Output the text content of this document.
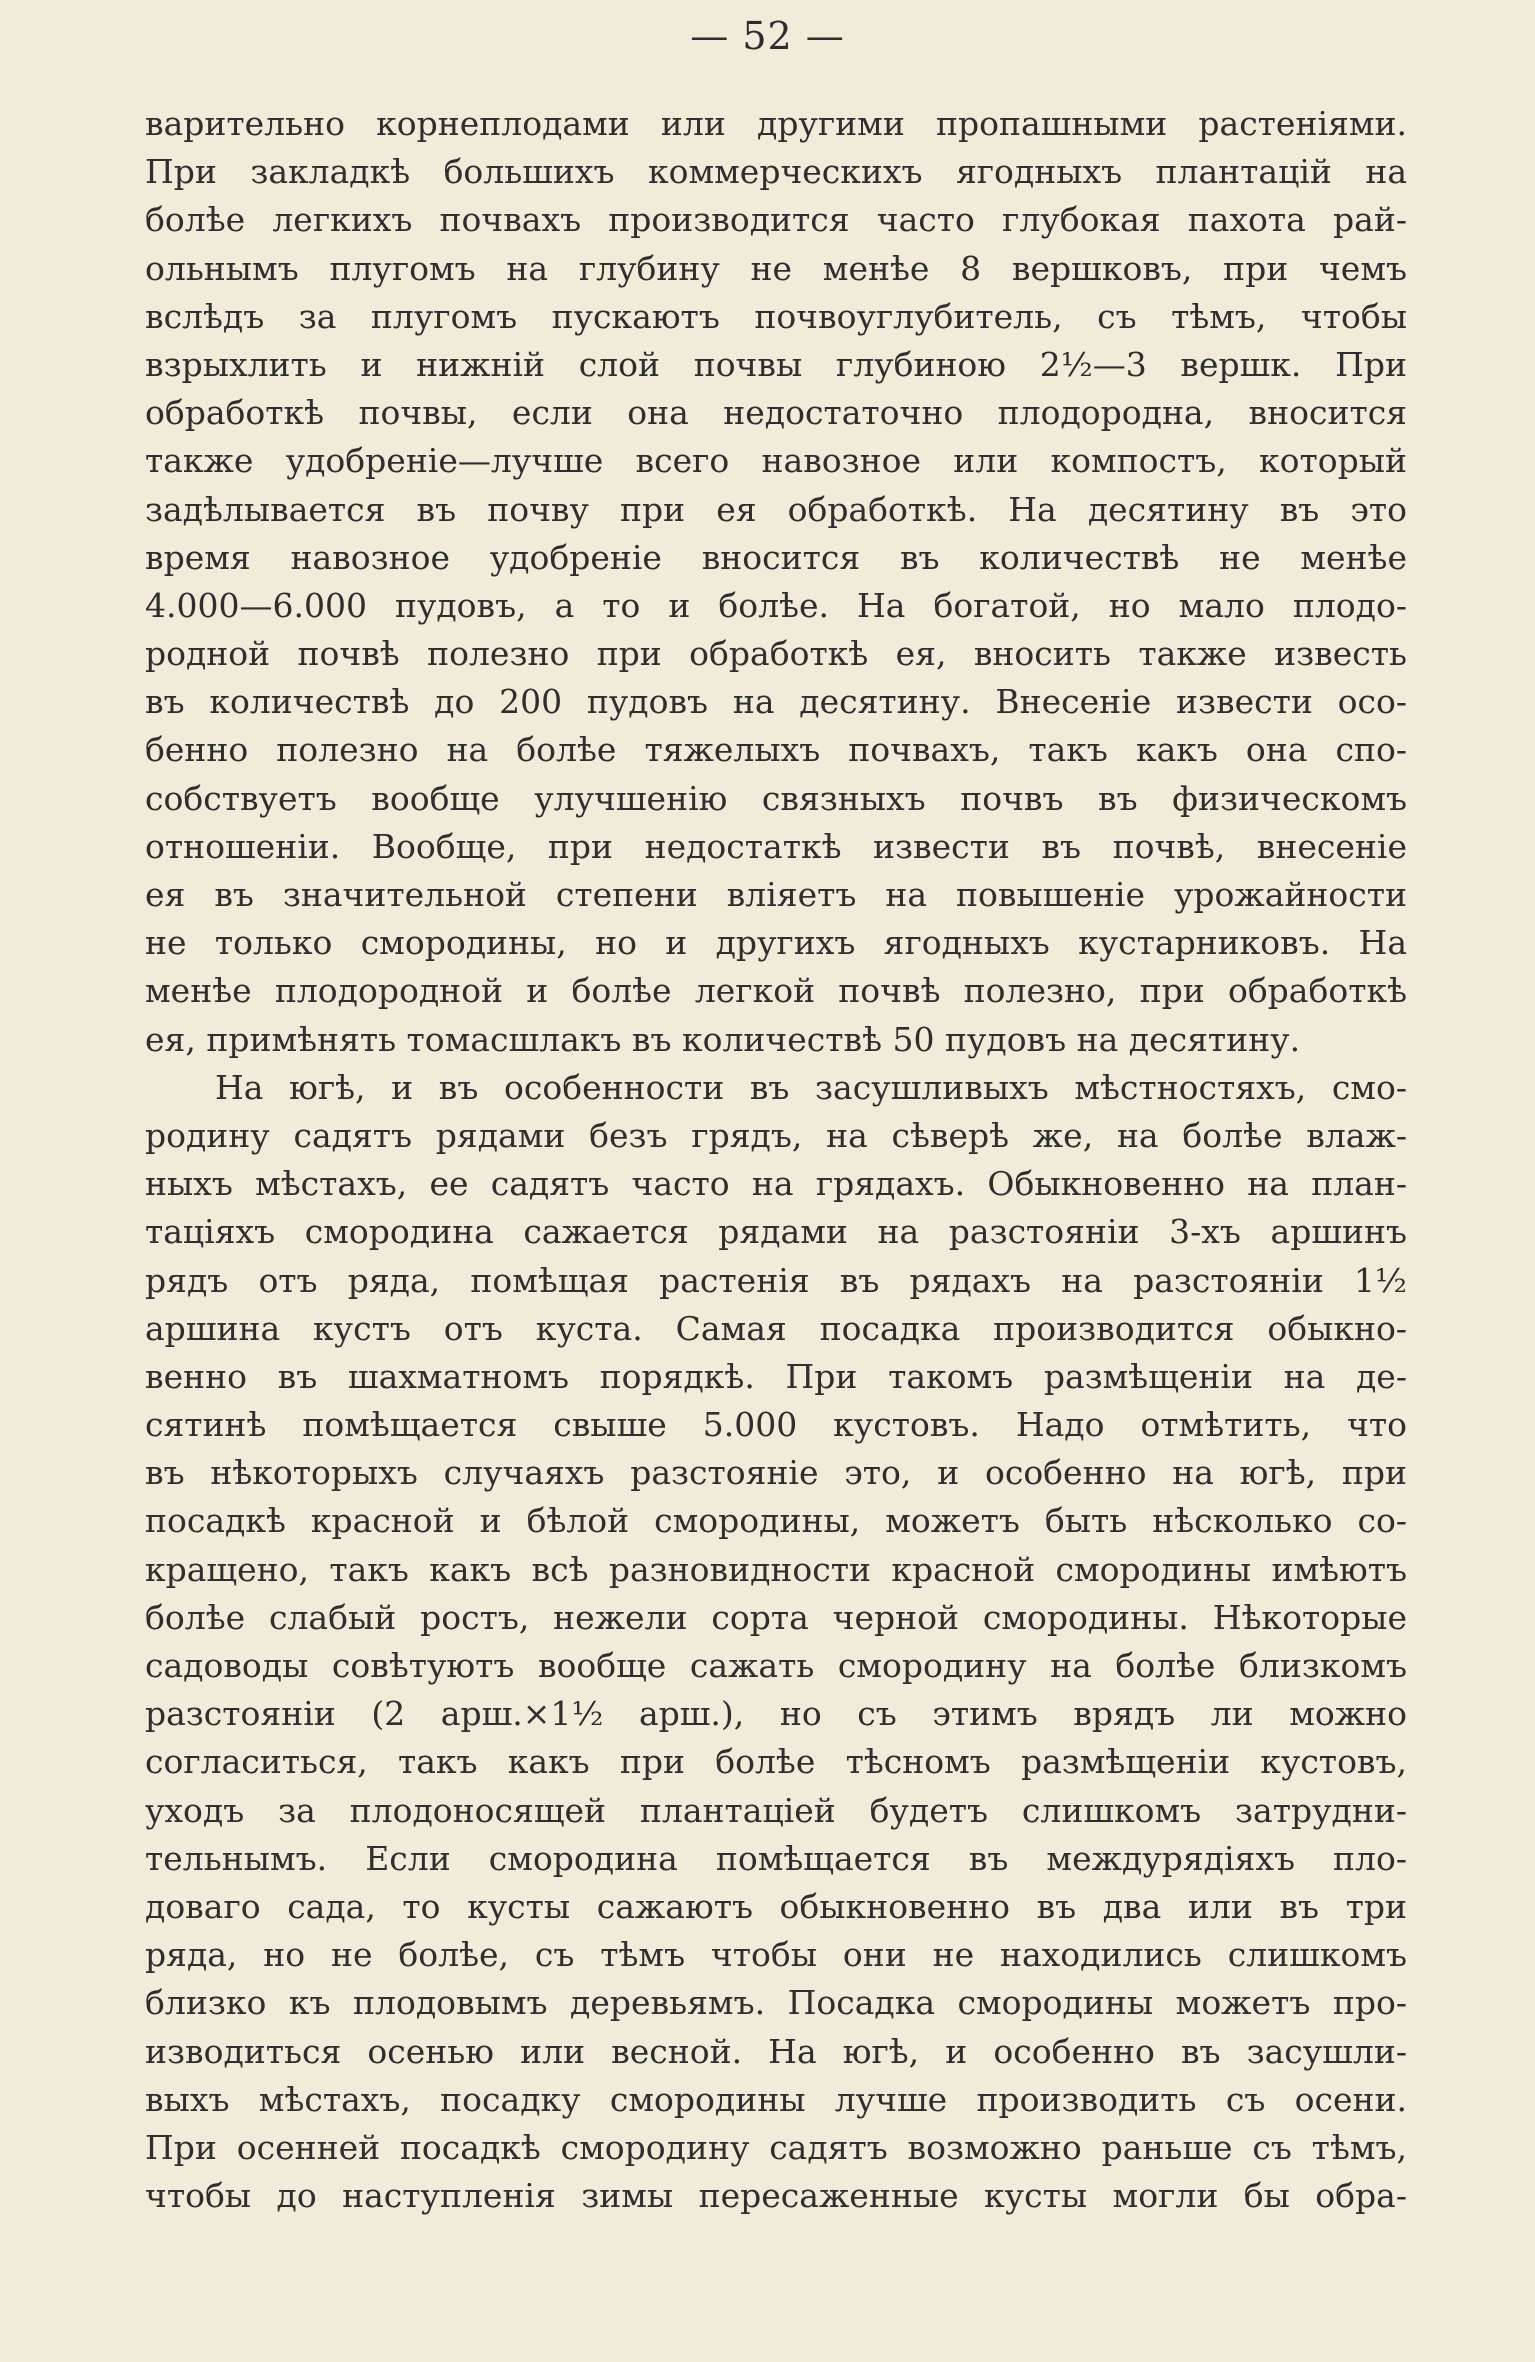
— 52 —
варительно корнеплодами или другими пропашными растеніями.
При закладкѣ большихъ коммерческихъ ягодныхъ плантацій на
болѣе легкихъ почвахъ производится часто глубокая пахота рай-
ольнымъ плугомъ на глубину не менѣе 8 вершковъ, при чемъ
вслѣдъ за плугомъ пускаютъ почвоуглубитель, съ тѣмъ, чтобы
взрыхлить и нижній слой почвы глубиною 2½—3 вершк. При
обработкѣ почвы, если она недостаточно плодородна, вносится
также удобреніе—лучше всего навозное или компостъ, который
задѣлывается въ почву при ея обработкѣ. На десятину въ это
время навозное удобреніе вносится въ количествѣ не менѣе
4.000—6.000 пудовъ, а то и болѣе. На богатой, но мало плодо-
родной почвѣ полезно при обработкѣ ея, вносить также известь
въ количествѣ до 200 пудовъ на десятину. Внесеніе извести осо-
бенно полезно на болѣе тяжелыхъ почвахъ, такъ какъ она спо-
собствуетъ вообще улучшенію связныхъ почвъ въ физическомъ
отношеніи. Вообще, при недостаткѣ извести въ почвѣ, внесеніе
ея въ значительной степени вліяетъ на повышеніе урожайности
не только смородины, но и другихъ ягодныхъ кустарниковъ. На
менѣе плодородной и болѣе легкой почвѣ полезно, при обработкѣ
ея, примѣнять томасшлакъ въ количествѣ 50 пудовъ на десятину.
На югѣ, и въ особенности въ засушливыхъ мѣстностяхъ, смо-
родину садятъ рядами безъ грядъ, на сѣверѣ же, на болѣе влаж-
ныхъ мѣстахъ, ее садятъ часто на грядахъ. Обыкновенно на план-
таціяхъ смородина сажается рядами на разстояніи 3-хъ аршинъ
рядъ отъ ряда, помѣщая растенія въ рядахъ на разстояніи 1½
аршина кустъ отъ куста. Самая посадка производится обыкно-
венно въ шахматномъ порядкѣ. При такомъ размѣщеніи на де-
сятинѣ помѣщается свыше 5.000 кустовъ. Надо отмѣтить, что
въ нѣкоторыхъ случаяхъ разстояніе это, и особенно на югѣ, при
посадкѣ красной и бѣлой смородины, можетъ быть нѣсколько со-
кращено, такъ какъ всѣ разновидности красной смородины имѣютъ
болѣе слабый ростъ, нежели сорта черной смородины. Нѣкоторые
садоводы совѣтуютъ вообще сажать смородину на болѣе близкомъ
разстояніи (2 арш.×1½ арш.), но съ этимъ врядъ ли можно
согласиться, такъ какъ при болѣе тѣсномъ размѣщеніи кустовъ,
уходъ за плодоносящей плантаціей будетъ слишкомъ затрудни-
тельнымъ. Если смородина помѣщается въ междурядіяхъ пло-
доваго сада, то кусты сажаютъ обыкновенно въ два или въ три
ряда, но не болѣе, съ тѣмъ чтобы они не находились слишкомъ
близко къ плодовымъ деревьямъ. Посадка смородины можетъ про-
изводиться осенью или весной. На югѣ, и особенно въ засушли-
выхъ мѣстахъ, посадку смородины лучше производить съ осени.
При осенней посадкѣ смородину садятъ возможно раньше съ тѣмъ,
чтобы до наступленія зимы пересаженные кусты могли бы обра-
